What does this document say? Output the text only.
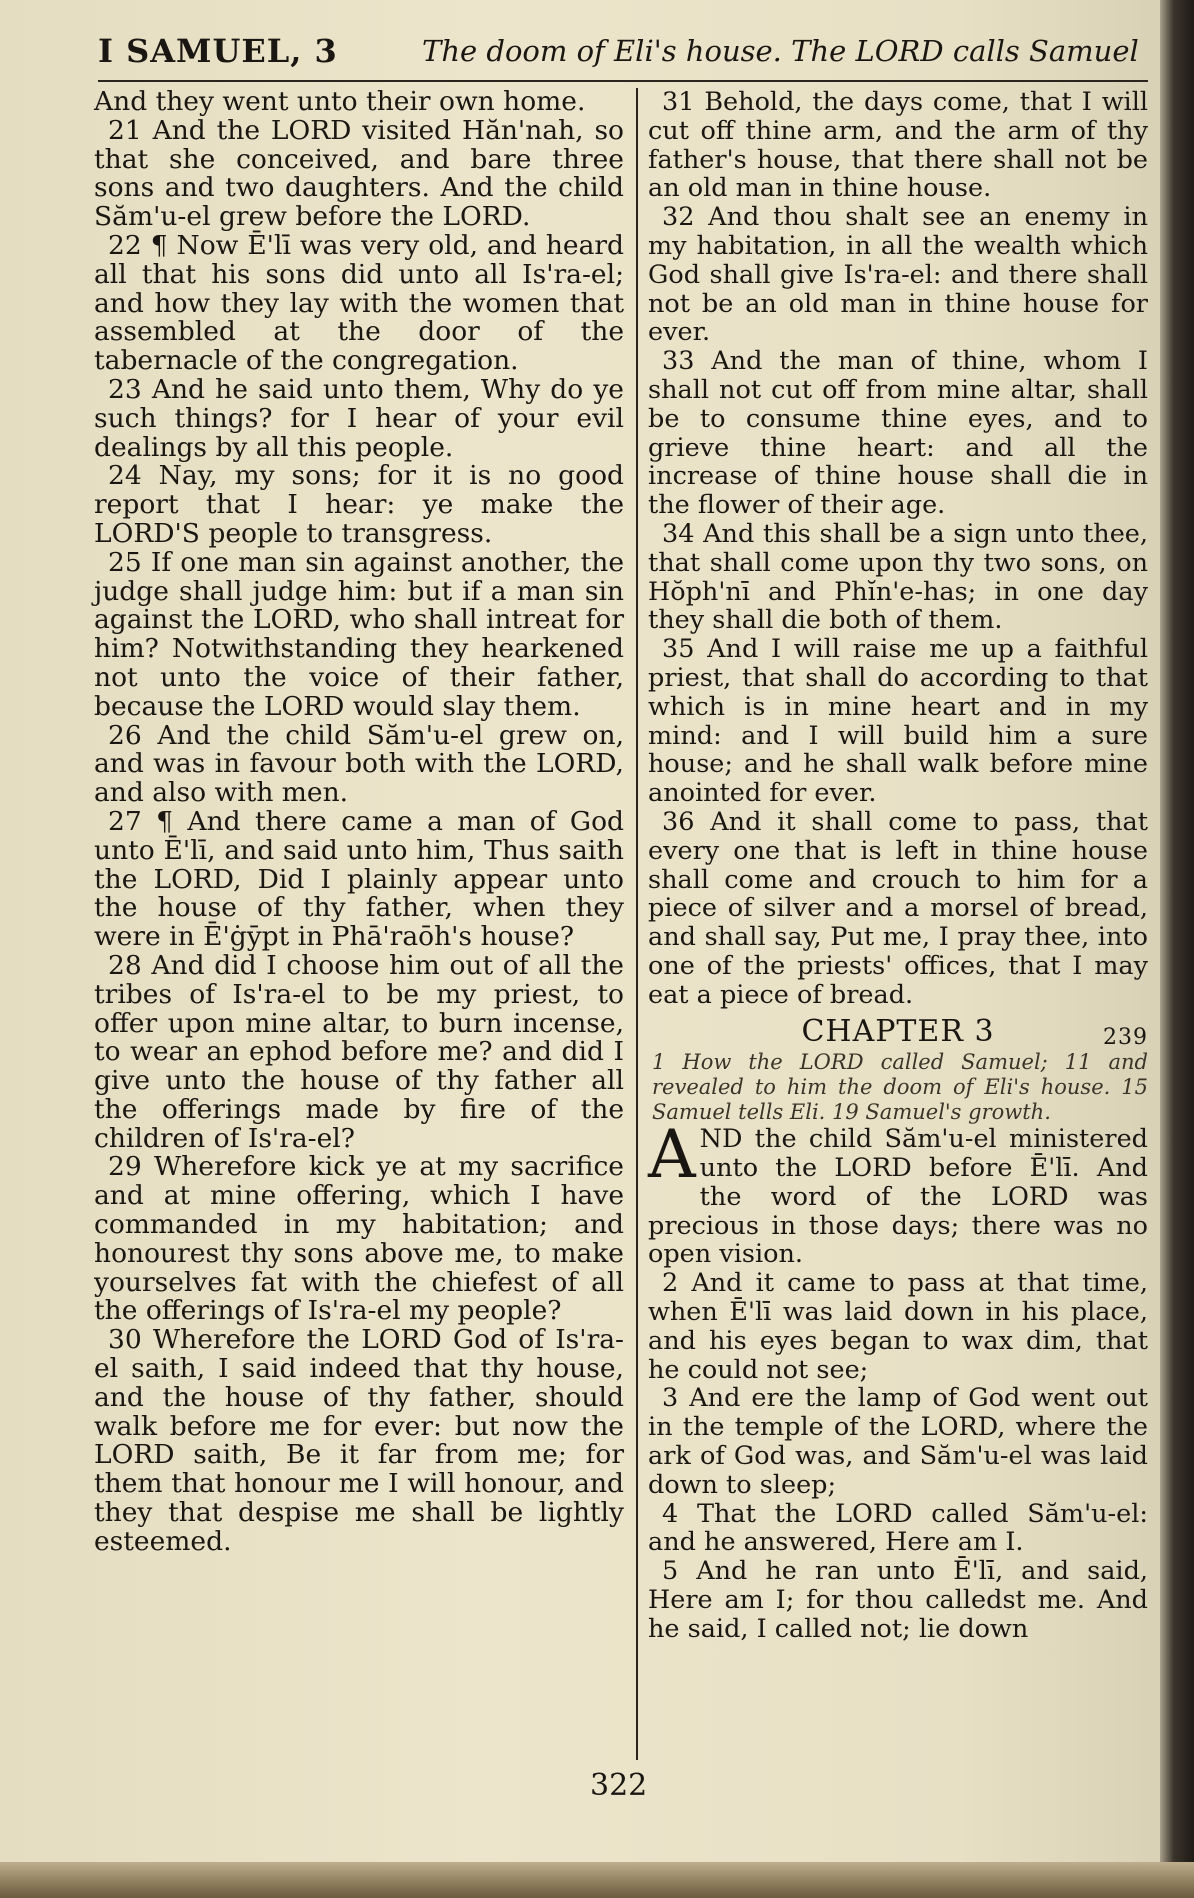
I SAMUEL, 3	The doom of Eli's house. The LORD calls Samuel

And they went unto their own home.

21 And the LORD visited Hăn'nah, so that she conceived, and bare three sons and two daughters. And the child Săm'u-el grew before the LORD.

22 ¶ Now Ē'lī was very old, and heard all that his sons did unto all Is'ra-el; and how they lay with the women that assembled at the door of the tabernacle of the congregation.

23 And he said unto them, Why do ye such things? for I hear of your evil dealings by all this people.

24 Nay, my sons; for it is no good report that I hear: ye make the LORD'S people to transgress.

25 If one man sin against another, the judge shall judge him: but if a man sin against the LORD, who shall intreat for him? Notwithstanding they hearkened not unto the voice of their father, because the LORD would slay them.

26 And the child Săm'u-el grew on, and was in favour both with the LORD, and also with men.

27 ¶ And there came a man of God unto Ē'lī, and said unto him, Thus saith the LORD, Did I plainly appear unto the house of thy father, when they were in Ē'ġȳpt in Phā'raōh's house?

28 And did I choose him out of all the tribes of Is'ra-el to be my priest, to offer upon mine altar, to burn incense, to wear an ephod before me? and did I give unto the house of thy father all the offerings made by fire of the children of Is'ra-el?

29 Wherefore kick ye at my sacrifice and at mine offering, which I have commanded in my habitation; and honourest thy sons above me, to make yourselves fat with the chiefest of all the offerings of Is'ra-el my people?

30 Wherefore the LORD God of Is'ra-el saith, I said indeed that thy house, and the house of thy father, should walk before me for ever: but now the LORD saith, Be it far from me; for them that honour me I will honour, and they that despise me shall be lightly esteemed.

31 Behold, the days come, that I will cut off thine arm, and the arm of thy father's house, that there shall not be an old man in thine house.

32 And thou shalt see an enemy in my habitation, in all the wealth which God shall give Is'ra-el: and there shall not be an old man in thine house for ever.

33 And the man of thine, whom I shall not cut off from mine altar, shall be to consume thine eyes, and to grieve thine heart: and all the increase of thine house shall die in the flower of their age.

34 And this shall be a sign unto thee, that shall come upon thy two sons, on Hŏph'nī and Phĭn'e-has; in one day they shall die both of them.

35 And I will raise me up a faithful priest, that shall do according to that which is in mine heart and in my mind: and I will build him a sure house; and he shall walk before mine anointed for ever.

36 And it shall come to pass, that every one that is left in thine house shall come and crouch to him for a piece of silver and a morsel of bread, and shall say, Put me, I pray thee, into one of the priests' offices, that I may eat a piece of bread.

CHAPTER 3	239

1 How the LORD called Samuel; 11 and revealed to him the doom of Eli's house. 15 Samuel tells Eli. 19 Samuel's growth.

A ND the child Săm'u-el ministered unto the LORD before Ē'lī. And the word of the LORD was precious in those days; there was no open vision.

2 And it came to pass at that time, when Ē'lī was laid down in his place, and his eyes began to wax dim, that he could not see;

3 And ere the lamp of God went out in the temple of the LORD, where the ark of God was, and Săm'u-el was laid down to sleep;

4 That the LORD called Săm'u-el: and he answered, Here am I.

5 And he ran unto Ē'lī, and said, Here am I; for thou calledst me. And he said, I called not; lie down

322
